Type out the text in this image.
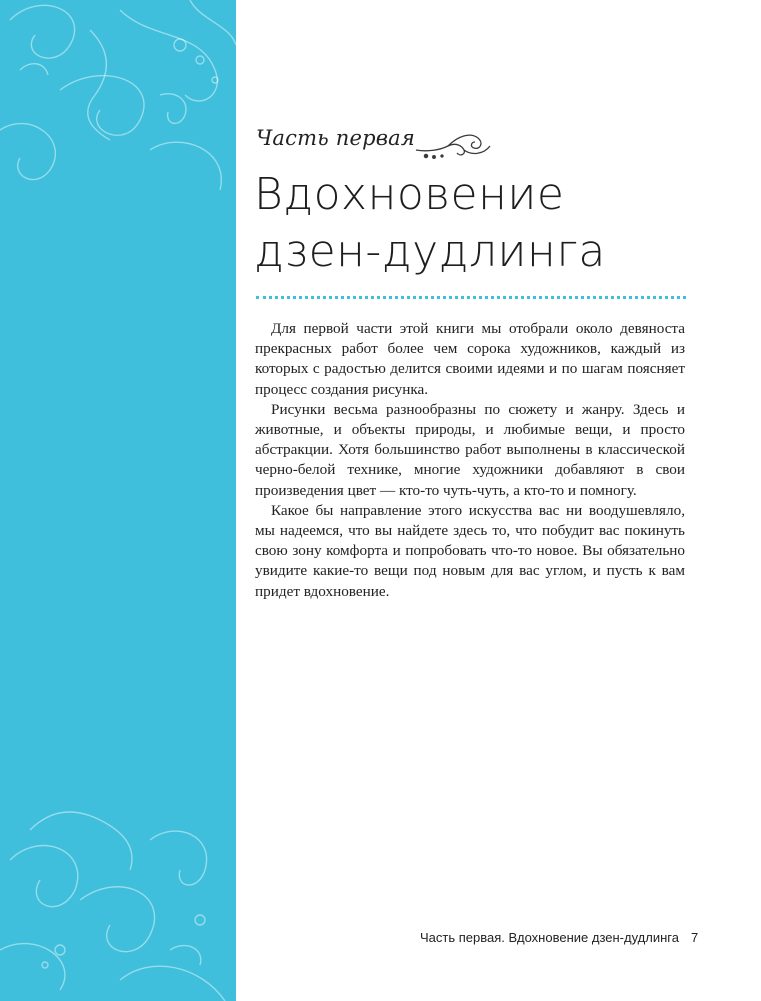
Часть первая
Вдохновение
дзен-дудлинга

Для первой части этой книги мы отобрали около девяноста прекрасных работ более чем сорока художников, каждый из которых с радостью делится своими идеями и по шагам поясняет процесс создания рисунка.

Рисунки весьма разнообразны по сюжету и жанру. Здесь и животные, и объекты природы, и любимые вещи, и просто абстракции. Хотя большинство работ выполнены в классической черно-белой технике, многие художники добавляют в свои произведения цвет — кто-то чуть-чуть, а кто-то и помногу.

Какое бы направление этого искусства вас ни воодушевляло, мы надеемся, что вы найдете здесь то, что побудит вас покинуть свою зону комфорта и попробовать что-то новое. Вы обязательно увидите какие-то вещи под новым для вас углом, и пусть к вам придет вдохновение.

Часть первая. Вдохновение дзен-дудлинга 7
